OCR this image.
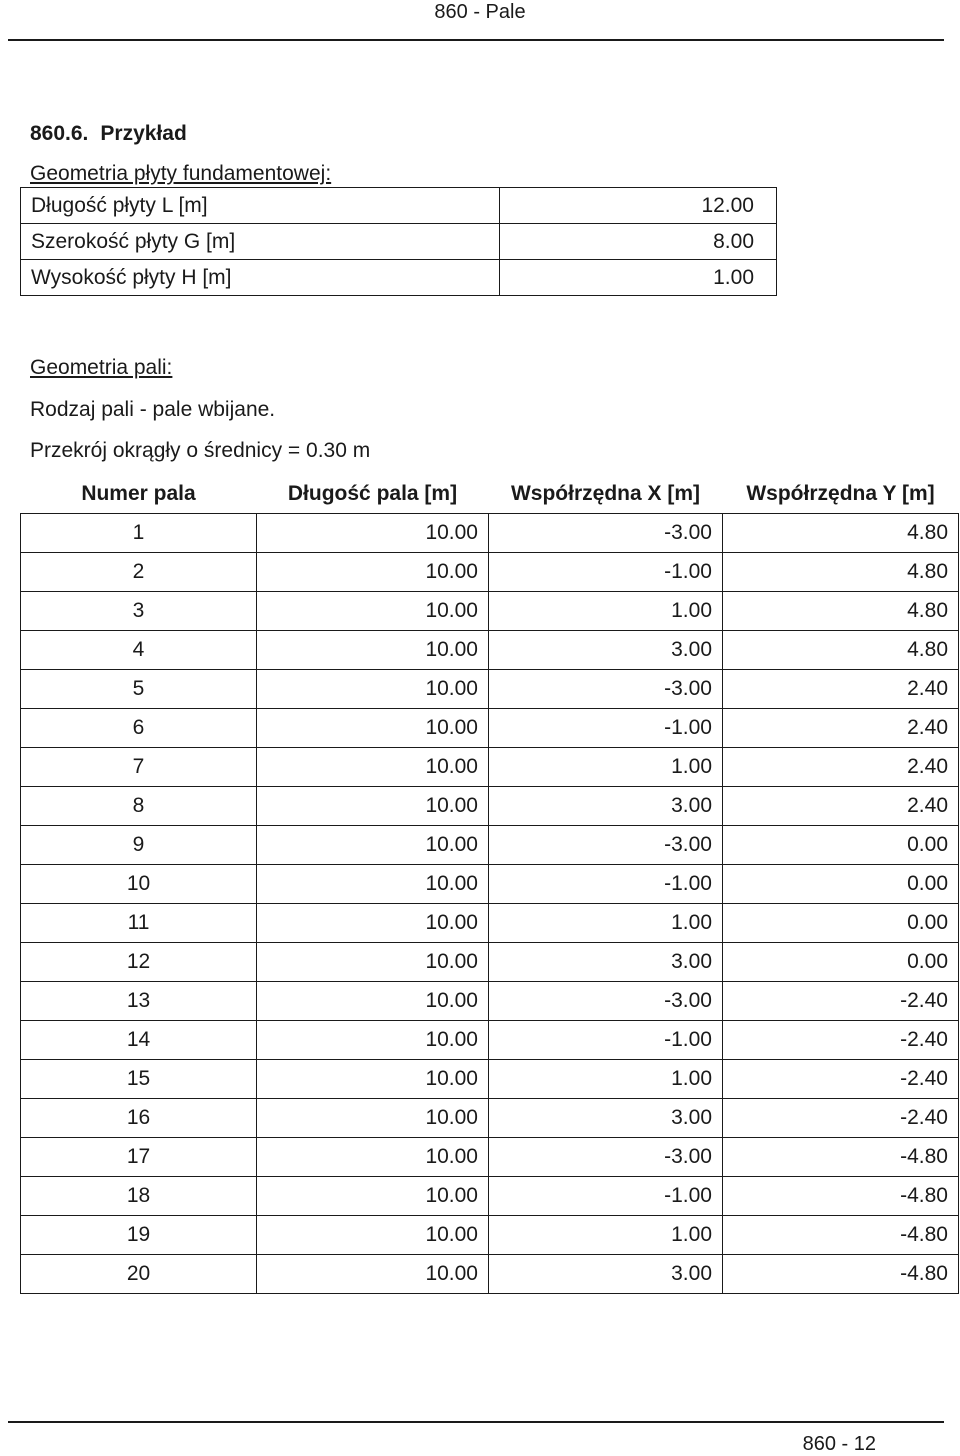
860 - Pale
860.6. Przykład
Geometria płyty fundamentowej:
Długość płyty L [m]	12.00
Szerokość płyty G [m]	8.00
Wysokość płyty H [m]	1.00
Geometria pali:
Rodzaj pali - pale wbijane.
Przekrój okrągły o średnicy = 0.30 m
Numer pala	Długość pala [m]	Współrzędna X [m]	Współrzędna Y [m]
1	10.00	-3.00	4.80
2	10.00	-1.00	4.80
3	10.00	1.00	4.80
4	10.00	3.00	4.80
5	10.00	-3.00	2.40
6	10.00	-1.00	2.40
7	10.00	1.00	2.40
8	10.00	3.00	2.40
9	10.00	-3.00	0.00
10	10.00	-1.00	0.00
11	10.00	1.00	0.00
12	10.00	3.00	0.00
13	10.00	-3.00	-2.40
14	10.00	-1.00	-2.40
15	10.00	1.00	-2.40
16	10.00	3.00	-2.40
17	10.00	-3.00	-4.80
18	10.00	-1.00	-4.80
19	10.00	1.00	-4.80
20	10.00	3.00	-4.80
860 - 12
